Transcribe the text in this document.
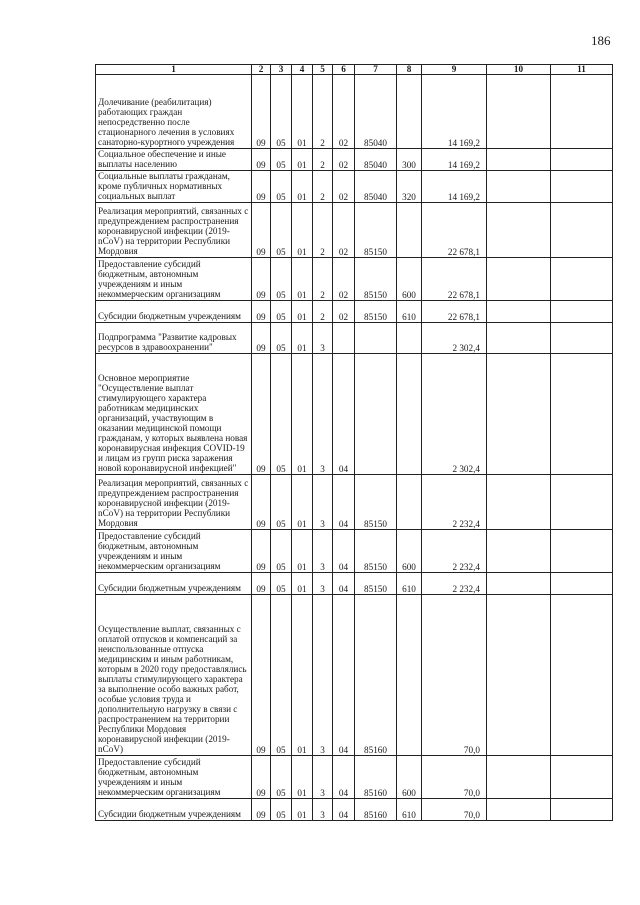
186
1	2	3	4	5	6	7	8	9	10	11
Долечивание (реабилитация) работающих граждан непосредственно после стационарного лечения в условиях санаторно-курортного учреждения	09	05	01	2	02	85040		14 169,2		
Социальное обеспечение и иные выплаты населению	09	05	01	2	02	85040	300	14 169,2		
Социальные выплаты гражданам, кроме публичных нормативных социальных выплат	09	05	01	2	02	85040	320	14 169,2		
Реализация мероприятий, связанных с предупреждением распространения коронавирусной инфекции (2019-nCoV) на территории Республики Мордовия	09	05	01	2	02	85150		22 678,1		
Предоставление субсидий бюджетным, автономным учреждениям и иным некоммерческим организациям	09	05	01	2	02	85150	600	22 678,1		
Субсидии бюджетным учреждениям	09	05	01	2	02	85150	610	22 678,1		
Подпрограмма "Развитие кадровых ресурсов в здравоохранении"	09	05	01	3				2 302,4		
Основное мероприятие "Осуществление выплат стимулирующего характера работникам медицинских организаций, участвующим в оказании медицинской помощи гражданам, у которых выявлена новая коронавирусная инфекция COVID-19 и лицам из групп риска заражения новой коронавирусной инфекцией"	09	05	01	3	04			2 302,4		
Реализация мероприятий, связанных с предупреждением распространения коронавирусной инфекции (2019-nCoV) на территории Республики Мордовия	09	05	01	3	04	85150		2 232,4		
Предоставление субсидий бюджетным, автономным учреждениям и иным некоммерческим организациям	09	05	01	3	04	85150	600	2 232,4		
Субсидии бюджетным учреждениям	09	05	01	3	04	85150	610	2 232,4		
Осуществление выплат, связанных с оплатой отпусков и компенсаций за неиспользованные отпуска медицинским и иным работникам, которым в 2020 году предоставлялись выплаты стимулирующего характера за выполнение особо важных работ, особые условия труда и дополнительную нагрузку в связи с распространением на территории Республики Мордовия коронавирусной инфекции (2019-nCoV)	09	05	01	3	04	85160		70,0		
Предоставление субсидий бюджетным, автономным учреждениям и иным некоммерческим организациям	09	05	01	3	04	85160	600	70,0		
Субсидии бюджетным учреждениям	09	05	01	3	04	85160	610	70,0		
